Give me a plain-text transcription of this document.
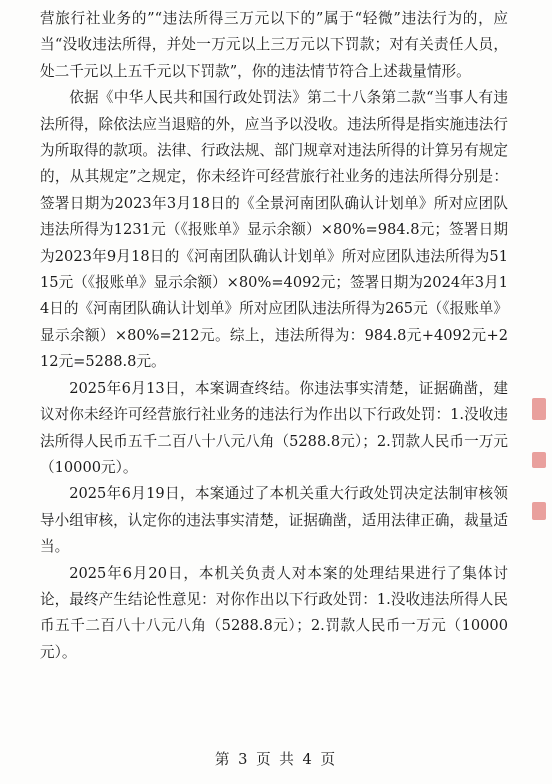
营旅行社业务的”“违法所得三万元以下的”属于“轻微”违法行为的，应当“没收违法所得，并处一万元以上三万元以下罚款；对有关责任人员，处二千元以上五千元以下罚款”，你的违法情节符合上述裁量情形。

依据《中华人民共和国行政处罚法》第二十八条第二款“当事人有违法所得，除依法应当退赔的外，应当予以没收。违法所得是指实施违法行为所取得的款项。法律、行政法规、部门规章对违法所得的计算另有规定的，从其规定”之规定，你未经许可经营旅行社业务的违法所得分别是：签署日期为2023年3月18日的《全景河南团队确认计划单》所对应团队违法所得为1231元（《报账单》显示余额）×80%=984.8元；签署日期为2023年9月18日的《河南团队确认计划单》所对应团队违法所得为5115元（《报账单》显示余额）×80%=4092元；签署日期为2024年3月14日的《河南团队确认计划单》所对应团队违法所得为265元（《报账单》显示余额）×80%=212元。综上，违法所得为：984.8元+4092元+212元=5288.8元。

2025年6月13日，本案调查终结。你违法事实清楚，证据确凿，建议对你未经许可经营旅行社业务的违法行为作出以下行政处罚：1.没收违法所得人民币五千二百八十八元八角（5288.8元）；2.罚款人民币一万元（10000元）。

2025年6月19日，本案通过了本机关重大行政处罚决定法制审核领导小组审核，认定你的违法事实清楚，证据确凿，适用法律正确，裁量适当。

2025年6月20日，本机关负责人对本案的处理结果进行了集体讨论，最终产生结论性意见：对你作出以下行政处罚：1.没收违法所得人民币五千二百八十八元八角（5288.8元）；2.罚款人民币一万元（10000元）。

第 3 页 共 4 页
